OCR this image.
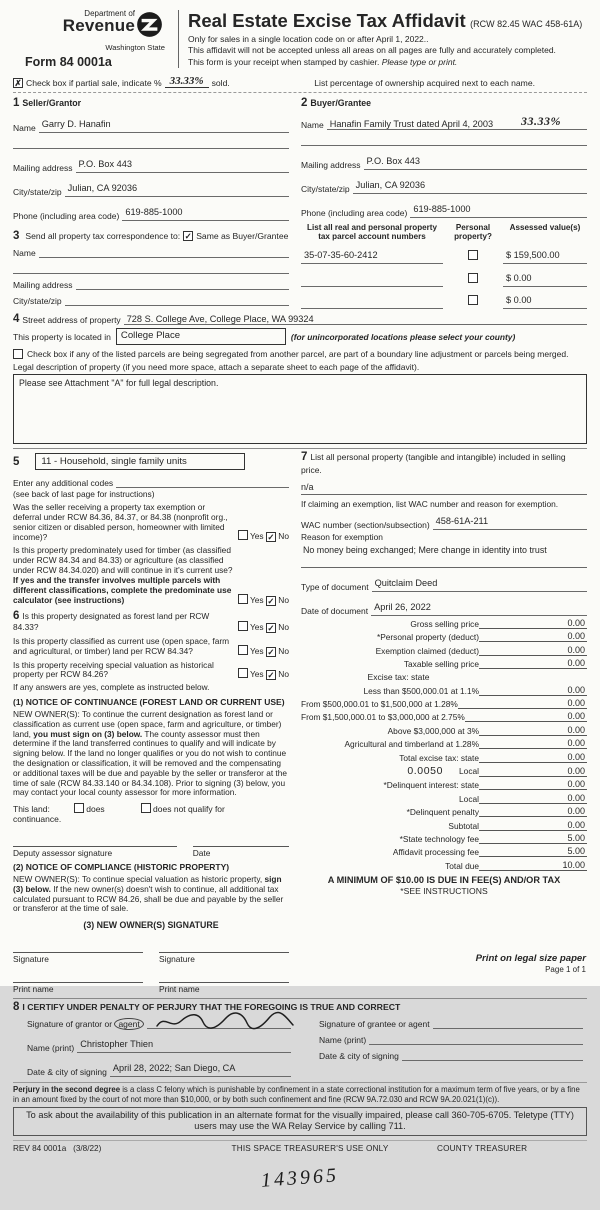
Department of
Revenue
Washington State
Form 84 0001a
Real Estate Excise Tax Affidavit (RCW 82.45 WAC 458-61A)
Only for sales in a single location code on or after April 1, 2022..
This affidavit will not be accepted unless all areas on all pages are fully and accurately completed.
This form is your receipt when stamped by cashier. Please type or print.
✗
Check box if partial sale, indicate % 33.33% sold.	List percentage of ownership acquired next to each name.
1 Seller/Grantor
Name Garry D. Hanafin
Mailing address P.O. Box 443
City/state/zip Julian, CA 92036
Phone (including area code) 619-885-1000
3 Send all property tax correspondence to: ✓ Same as Buyer/Grantee
Name
Mailing address
City/state/zip
2 Buyer/Grantee
Name Hanafin Family Trust dated April 4, 2003	33.33%
Mailing address P.O. Box 443
City/state/zip Julian, CA 92036
Phone (including area code) 619-885-1000
List all real and personal property tax parcel account numbers
Personal property?
Assessed value(s)
35-07-35-60-2412	$ 159,500.00
$ 0.00
$ 0.00
4 Street address of property 728 S. College Ave, College Place, WA 99324
This property is located in	College Place	(for unincorporated locations please select your county)
Check box if any of the listed parcels are being segregated from another parcel, are part of a boundary line adjustment or parcels being merged.
Legal description of property (if you need more space, attach a separate sheet to each page of the affidavit).
Please see Attachment "A" for full legal description.
5	11 - Household, single family units
Enter any additional codes
(see back of last page for instructions)
Was the seller receiving a property tax exemption or deferral under RCW 84.36, 84.37, or 84.38 (nonprofit org., senior citizen or disabled person, homeowner with limited income)?	Yes ✓ No
Is this property predominately used for timber (as classified under RCW 84.34 and 84.33) or agriculture (as classified under RCW 84.34.020) and will continue in it's current use? If yes and the transfer involves multiple parcels with different classifications, complete the predominate use calculator (see instructions)	Yes ✓ No
6 Is this property designated as forest land per RCW 84.33?	Yes ✓ No
Is this property classified as current use (open space, farm and agricultural, or timber) land per RCW 84.34?	Yes ✓ No
Is this property receiving special valuation as historical property per RCW 84.26?	Yes ✓ No
If any answers are yes, complete as instructed below.
(1) NOTICE OF CONTINUANCE (FOREST LAND OR CURRENT USE)
NEW OWNER(S): To continue the current designation as forest land or classification as current use (open space, farm and agriculture, or timber) land, you must sign on (3) below. The county assessor must then determine if the land transferred continues to qualify and will indicate by signing below. If the land no longer qualifies or you do not wish to continue the designation or classification, it will be removed and the compensating or additional taxes will be due and payable by the seller or transferor at the time of sale (RCW 84.33.140 or 84.34.108). Prior to signing (3) below, you may contact your local county assessor for more information.
This land:	does	does not qualify for
continuance.
Deputy assessor signature	Date
(2) NOTICE OF COMPLIANCE (HISTORIC PROPERTY)
NEW OWNER(S): To continue special valuation as historic property, sign (3) below. If the new owner(s) doesn't wish to continue, all additional tax calculated pursuant to RCW 84.26, shall be due and payable by the seller or transferor at the time of sale.
(3) NEW OWNER(S) SIGNATURE
Signature	Signature
Print name	Print name
7 List all personal property (tangible and intangible) included in selling price.
n/a
If claiming an exemption, list WAC number and reason for exemption.
WAC number (section/subsection) 458-61A-211
Reason for exemption
No money being exchanged; Mere change in identity into trust
Type of document Quitclaim Deed
Date of document April 26, 2022
Gross selling price	0.00
*Personal property (deduct)	0.00
Exemption claimed (deduct)	0.00
Taxable selling price	0.00
Excise tax: state
Less than $500,000.01 at 1.1%	0.00
From $500,000.01 to $1,500,000 at 1.28%	0.00
From $1,500,000.01 to $3,000,000 at 2.75%	0.00
Above $3,000,000 at 3%	0.00
Agricultural and timberland at 1.28%	0.00
Total excise tax: state	0.00
0.0050 Local	0.00
*Delinquent interest: state	0.00
Local	0.00
*Delinquent penalty	0.00
Subtotal	0.00
*State technology fee	5.00
Affidavit processing fee	5.00
Total due	10.00
A MINIMUM OF $10.00 IS DUE IN FEE(S) AND/OR TAX
*SEE INSTRUCTIONS
8 I CERTIFY UNDER PENALTY OF PERJURY THAT THE FOREGOING IS TRUE AND CORRECT
Signature of grantor or agent
Name (print) Christopher Thien
Date & city of signing April 28, 2022; San Diego, CA
Signature of grantee or agent
Name (print)
Date & city of signing
Perjury in the second degree is a class C felony which is punishable by confinement in a state correctional institution for a maximum term of five years, or by a fine in an amount fixed by the court of not more than $10,000, or by both such confinement and fine (RCW 9A.72.030 and RCW 9A.20.021(1)(c)).
To ask about the availability of this publication in an alternate format for the visually impaired, please call 360-705-6705. Teletype (TTY) users may use the WA Relay Service by calling 711.
REV 84 0001a (3/8/22)	THIS SPACE TREASURER'S USE ONLY	COUNTY TREASURER
143965
Print on legal size paper
Page 1 of 1
